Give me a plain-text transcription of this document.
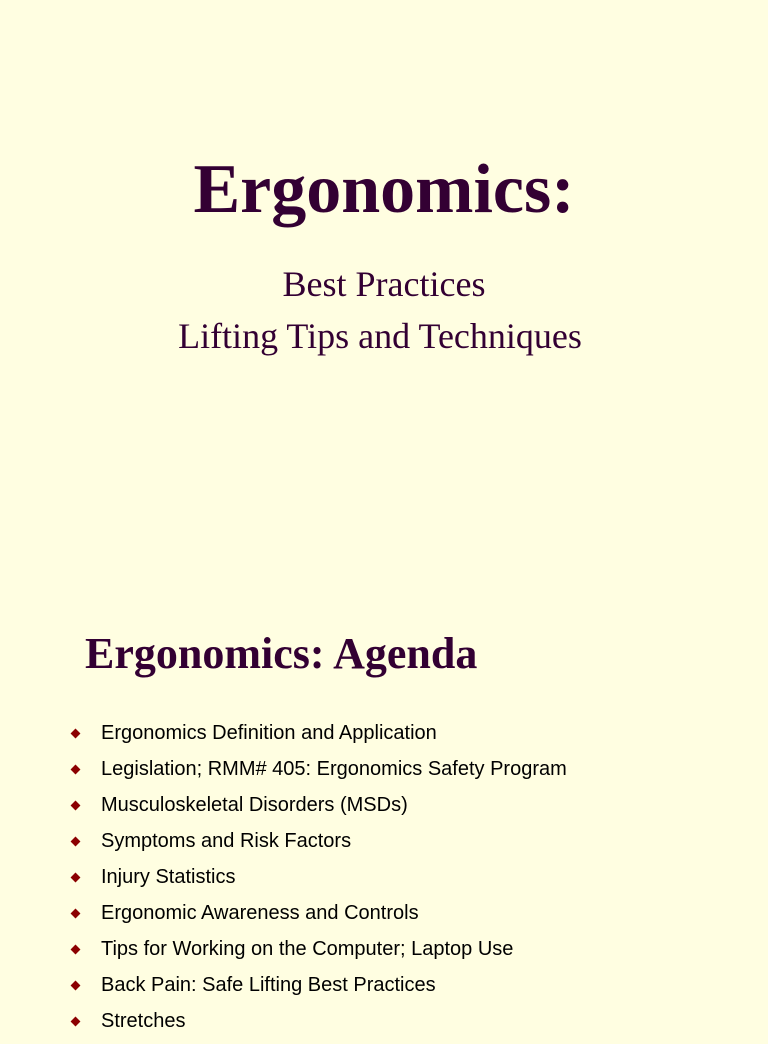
Ergonomics:

Best Practices

Lifting Tips and Techniques

Ergonomics: Agenda
Ergonomics Definition and Application
Legislation; RMM# 405: Ergonomics Safety Program
Musculoskeletal Disorders (MSDs)
Symptoms and Risk Factors
Injury Statistics
Ergonomic Awareness and Controls
Tips for Working on the Computer; Laptop Use
Back Pain: Safe Lifting Best Practices
Stretches
